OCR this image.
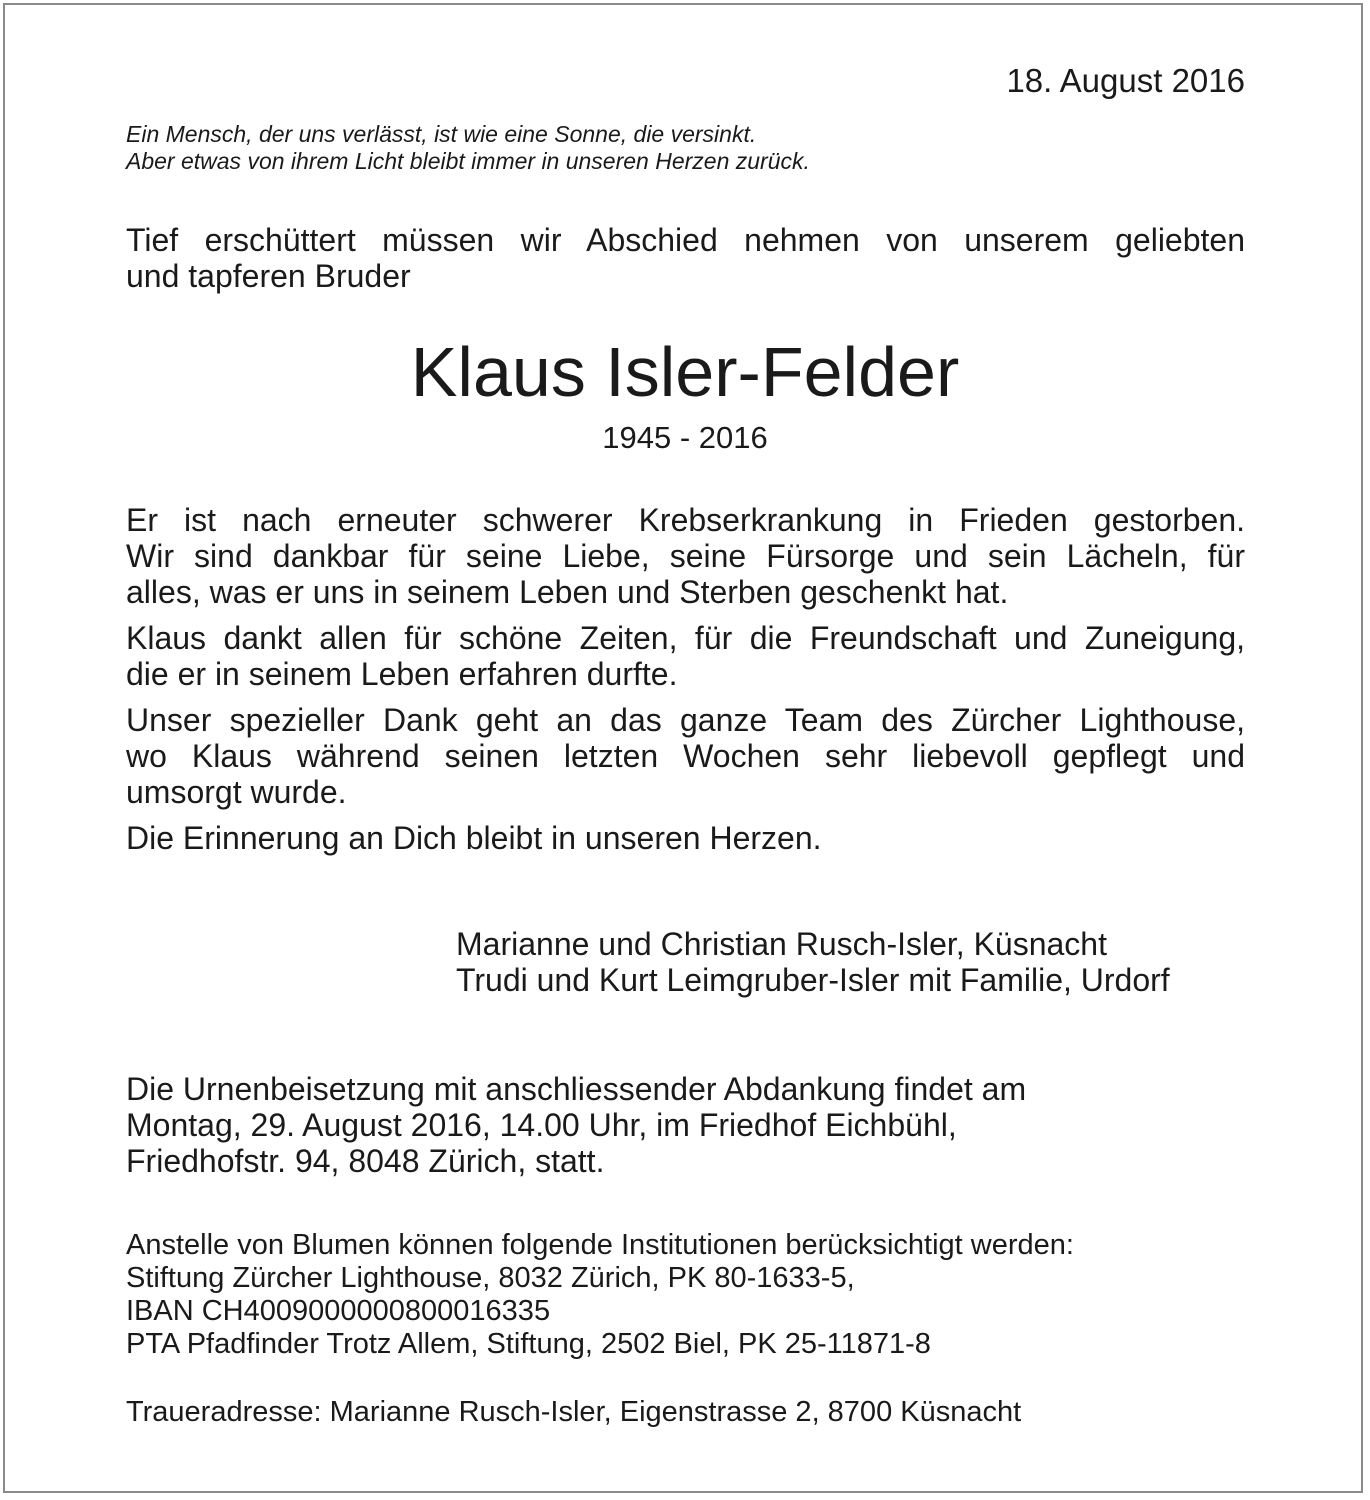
18. August 2016
Ein Mensch, der uns verlässt, ist wie eine Sonne, die versinkt.
Aber etwas von ihrem Licht bleibt immer in unseren Herzen zurück.
Tief erschüttert müssen wir Abschied nehmen von unserem geliebten
und tapferen Bruder
Klaus Isler-Felder
1945 - 2016
Er ist nach erneuter schwerer Krebserkrankung in Frieden gestorben.
Wir sind dankbar für seine Liebe, seine Fürsorge und sein Lächeln, für
alles, was er uns in seinem Leben und Sterben geschenkt hat.
Klaus dankt allen für schöne Zeiten, für die Freundschaft und Zuneigung,
die er in seinem Leben erfahren durfte.
Unser spezieller Dank geht an das ganze Team des Zürcher Lighthouse,
wo Klaus während seinen letzten Wochen sehr liebevoll gepflegt und
umsorgt wurde.
Die Erinnerung an Dich bleibt in unseren Herzen.
Marianne und Christian Rusch-Isler, Küsnacht
Trudi und Kurt Leimgruber-Isler mit Familie, Urdorf
Die Urnenbeisetzung mit anschliessender Abdankung findet am
Montag, 29. August 2016, 14.00 Uhr, im Friedhof Eichbühl,
Friedhofstr. 94, 8048 Zürich, statt.
Anstelle von Blumen können folgende Institutionen berücksichtigt werden:
Stiftung Zürcher Lighthouse, 8032 Zürich, PK 80-1633-5,
IBAN CH4009000000800016335
PTA Pfadfinder Trotz Allem, Stiftung, 2502 Biel, PK 25-11871-8
Traueradresse: Marianne Rusch-Isler, Eigenstrasse 2, 8700 Küsnacht
